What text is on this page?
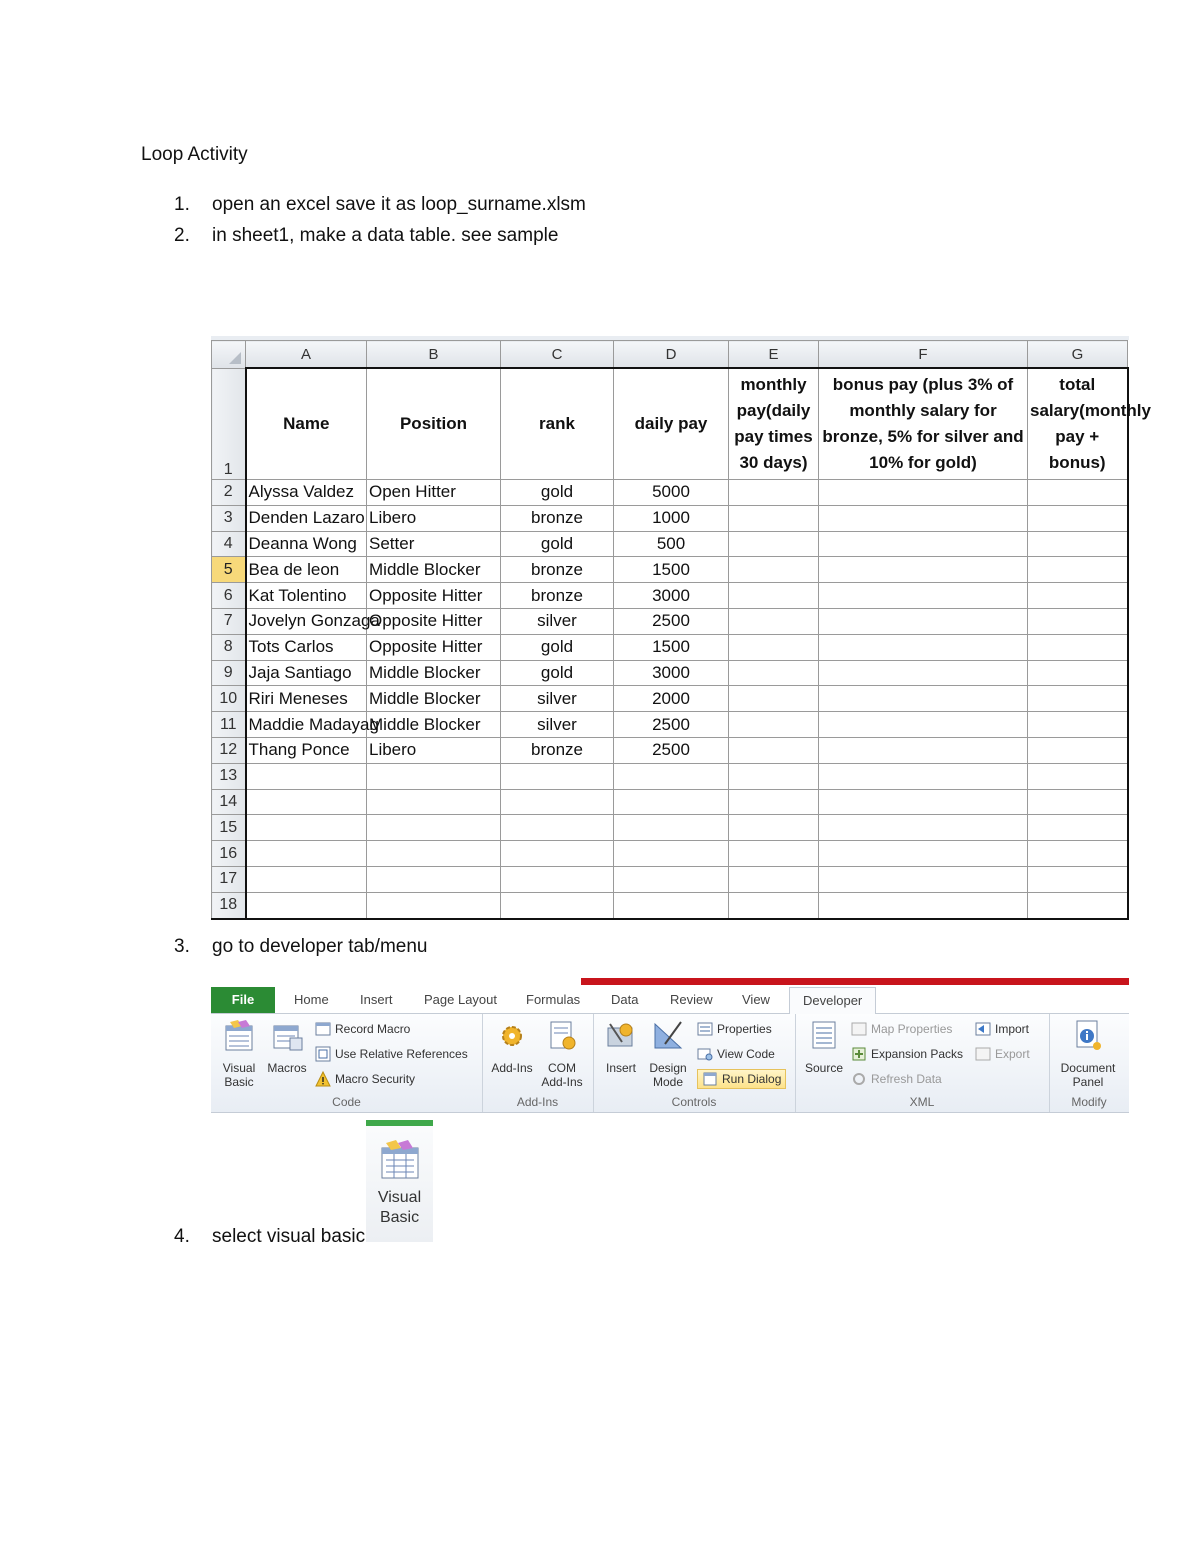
Loop Activity
1.	open an excel save it as loop_surname.xlsm
2.	in sheet1, make a data table. see sample
	A	B	C	D	E	F	G
1	Name	Position	rank	daily pay	monthly pay(daily pay times 30 days)	bonus pay (plus 3% of monthly salary for bronze, 5% for silver and 10% for gold)	total salary(monthly pay + bonus)
2	Alyssa Valdez	Open Hitter	gold	5000			
3	Denden Lazaro	Libero	bronze	1000			
4	Deanna Wong	Setter	gold	500			
5	Bea de leon	Middle Blocker	bronze	1500			
6	Kat Tolentino	Opposite Hitter	bronze	3000			
7	Jovelyn Gonzaga	Opposite Hitter	silver	2500			
8	Tots Carlos	Opposite Hitter	gold	1500			
9	Jaja Santiago	Middle Blocker	gold	3000			
10	Riri Meneses	Middle Blocker	silver	2000			
11	Maddie Madayag	Middle Blocker	silver	2500			
12	Thang Ponce	Libero	bronze	2500			
13							
14							
15							
16							
17							
18							
3.	go to developer tab/menu
File	Home Insert Page Layout Formulas Data Review View	Developer
Visual Basic
Macros
Record Macro
Use Relative References
Macro Security
Code
Add-Ins	COM Add-Ins
Add-Ins
Insert	Design Mode
Properties
View Code
Run Dialog
Controls
Source
Map Properties
Expansion Packs
Refresh Data
Import
Export
XML
Document Panel
Modify
Visual Basic
4.	select visual basic
